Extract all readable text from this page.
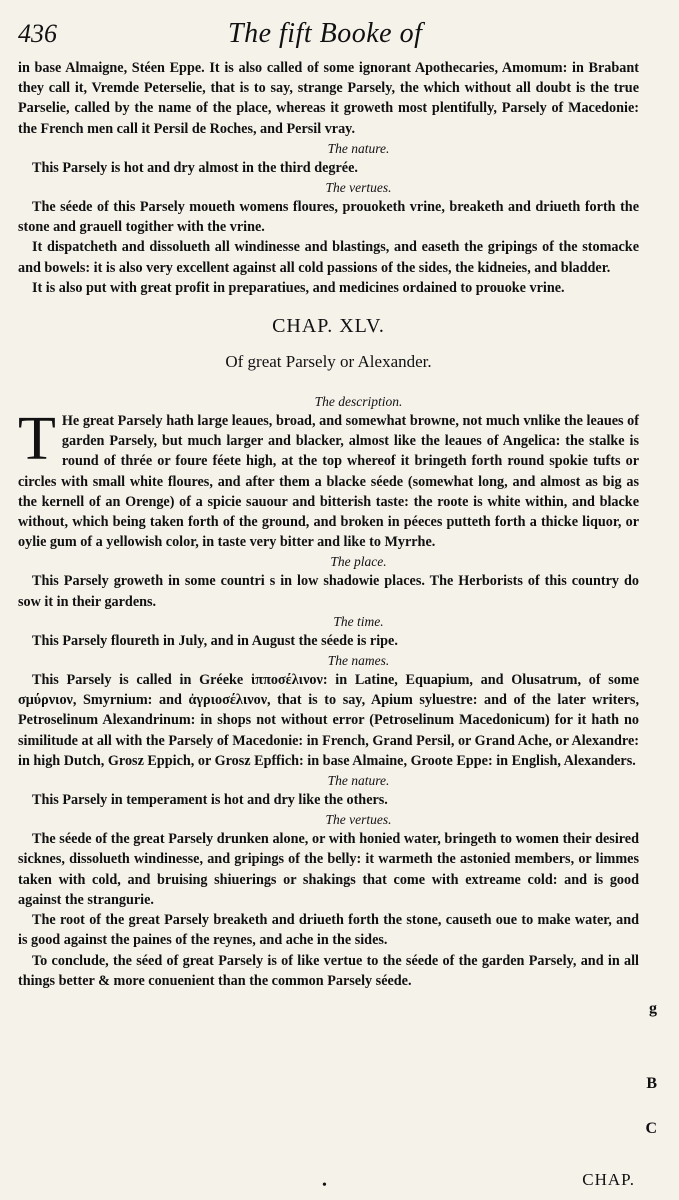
436	The fift Booke of

in base Almaigne, Stéen Eppe. It is also called of some ignorant Apothecaries, Amomum: in Brabant they call it, Vremde Peterselie, that is to say, strange Parsely, the which without all doubt is the true Parselie, called by the name of the place, whereas it groweth most plentifully, Parsely of Macedonie: the French men call it Persil de Roches, and Persil vray.

The nature.

This Parsely is hot and dry almost in the third degrée.

The vertues.

The séede of this Parsely moueth womens floures, prouoketh vrine, breaketh and driueth forth the stone and grauell togither with the vrine.

It dispatcheth and dissolueth all windinesse and blastings, and easeth the gripings of the stomacke and bowels: it is also very excellent against all cold passions of the sides, the kidneies, and bladder.

It is also put with great profit in preparatiues, and medicines ordained to prouoke vrine.

CHAP. XLV.

Of great Parsely or Alexander.

The description.

T He great Parsely hath large leaues, broad, and somewhat browne, not much vnlike the leaues of garden Parsely, but much larger and blacker, almost like the leaues of Angelica: the stalke is round of thrée or foure féete high, at the top whereof it bringeth forth round spokie tufts or circles with small white floures, and after them a blacke séede (somewhat long, and almost as big as the kernell of an Orenge) of a spicie sauour and bitterish taste: the roote is white within, and blacke without, which being taken forth of the ground, and broken in péeces putteth forth a thicke liquor, or oylie gum of a yellowish color, in taste very bitter and like to Myrrhe.

The place.

This Parsely groweth in some countri s in low shadowie places. The Herborists of this country do sow it in their gardens.

The time.

This Parsely floureth in July, and in August the séede is ripe.

The names.

This Parsely is called in Gréeke ἱπποσέλινον: in Latine, Equapium, and Olusatrum, of some σμύρνιον, Smyrnium: and ἀγριοσέλινον, that is to say, Apium syluestre: and of the later writers, Petroselinum Alexandrinum: in shops not without error (Petroselinum Macedonicum) for it hath no similitude at all with the Parsely of Macedonie: in French, Grand Persil, or Grand Ache, or Alexandre: in high Dutch, Grosz Eppich, or Grosz Epffich: in base Almaine, Groote Eppe: in English, Alexanders.

The nature.

This Parsely in temperament is hot and dry like the others.

The vertues.

The séede of the great Parsely drunken alone, or with honied water, bringeth to women their desired sicknes, dissolueth windinesse, and gripings of the belly: it warmeth the astonied members, or limmes taken with cold, and bruising shiuerings or shakings that come with extreame cold: and is good against the strangurie.

The root of the great Parsely breaketh and driueth forth the stone, causeth oue to make water, and is good against the paines of the reynes, and ache in the sides.

To conclude, the séed of great Parsely is of like vertue to the séede of the garden Parsely, and in all things better & more conuenient than the common Parsely séede.

g
B
C
•	CHAP.
